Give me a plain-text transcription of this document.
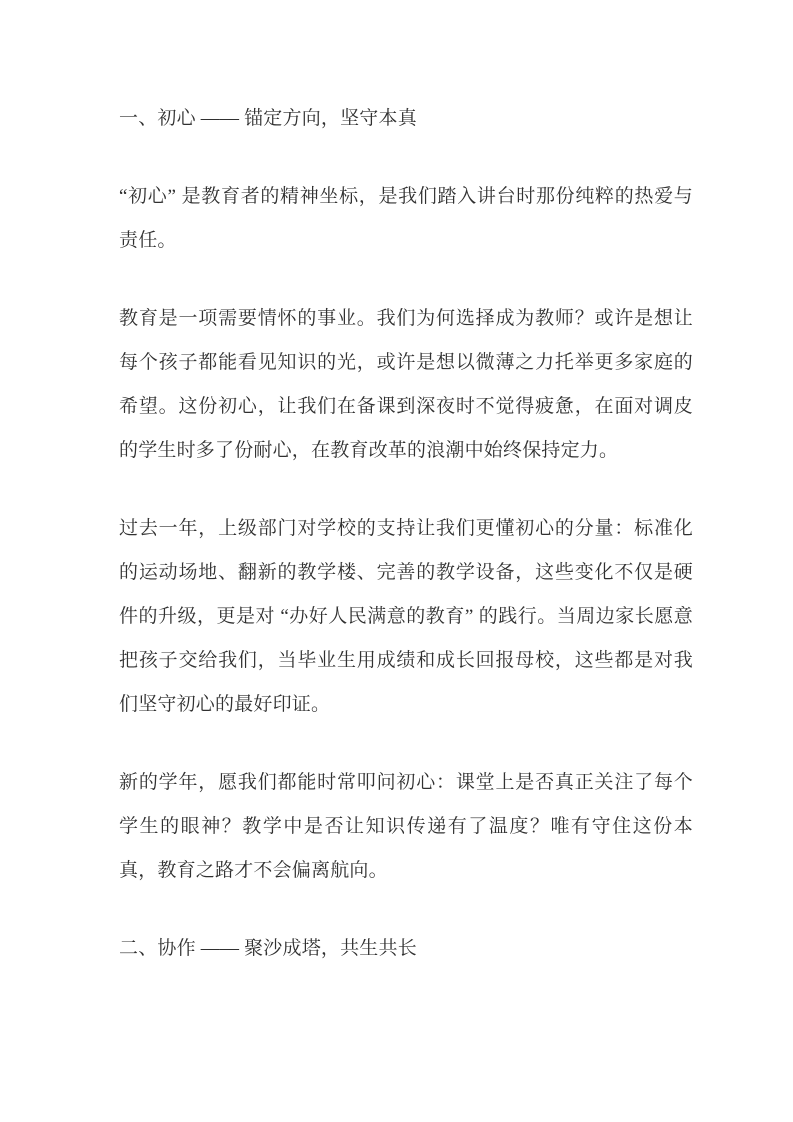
一、初心 —— 锚定方向，坚守本真
“初心” 是教育者的精神坐标，是我们踏入讲台时那份纯粹的热爱与责任。
教育是一项需要情怀的事业。我们为何选择成为教师？或许是想让每个孩子都能看见知识的光，或许是想以微薄之力托举更多家庭的希望。这份初心，让我们在备课到深夜时不觉得疲惫，在面对调皮的学生时多了份耐心，在教育改革的浪潮中始终保持定力。
过去一年，上级部门对学校的支持让我们更懂初心的分量：标准化的运动场地、翻新的教学楼、完善的教学设备，这些变化不仅是硬件的升级，更是对 “办好人民满意的教育” 的践行。当周边家长愿意把孩子交给我们，当毕业生用成绩和成长回报母校，这些都是对我们坚守初心的最好印证。
新的学年，愿我们都能时常叩问初心：课堂上是否真正关注了每个学生的眼神？教学中是否让知识传递有了温度？唯有守住这份本真，教育之路才不会偏离航向。
二、协作 —— 聚沙成塔，共生共长
